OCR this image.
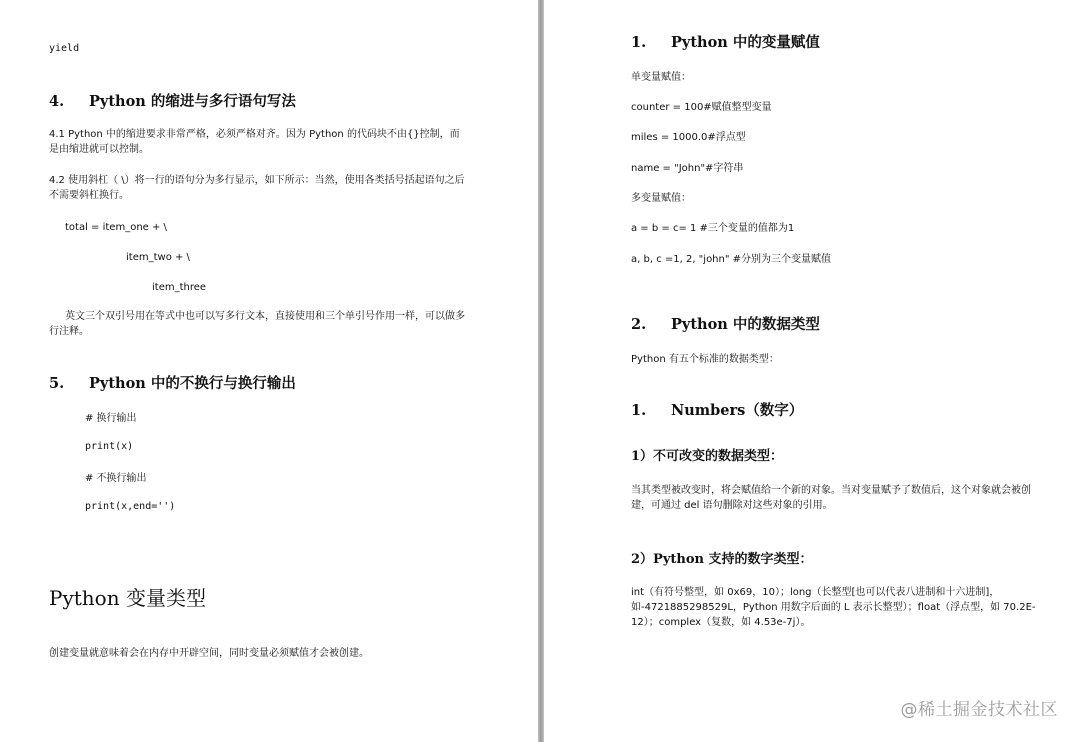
yield
4. Python 的缩进与多行语句写法
4.1 Python 中的缩进要求非常严格，必须严格对齐。因为 Python 的代码块不由{}控制，而是由缩进就可以控制。
4.2 使用斜杠（ \）将一行的语句分为多行显示，如下所示：当然，使用各类括号括起语句之后不需要斜杠换行。
total = item_one + \
item_two + \
item_three
英文三个双引号用在等式中也可以写多行文本，直接使用和三个单引号作用一样，可以做多行注释。
5. Python 中的不换行与换行输出
# 换行输出
print(x)
# 不换行输出
print(x,end='')
Python 变量类型
创建变量就意味着会在内存中开辟空间，同时变量必须赋值才会被创建。
1. Python 中的变量赋值
单变量赋值：
counter = 100#赋值整型变量
miles = 1000.0#浮点型
name = "John"#字符串
多变量赋值：
a = b = c= 1 #三个变量的值都为1
a, b, c =1, 2, "john" #分别为三个变量赋值
2. Python 中的数据类型
Python 有五个标准的数据类型：
1. Numbers（数字）
1）不可改变的数据类型：
当其类型被改变时，将会赋值给一个新的对象。当对变量赋予了数值后，这个对象就会被创建，可通过 del 语句删除对这些对象的引用。
2）Python 支持的数字类型：
int（有符号整型，如 0x69，10）；long（长整型[也可以代表八进制和十六进制]，如-4721885298529L，Python 用数字后面的 L 表示长整型）；float（浮点型，如 70.2E-12）；complex（复数，如 4.53e-7j）。
@稀土掘金技术社区
